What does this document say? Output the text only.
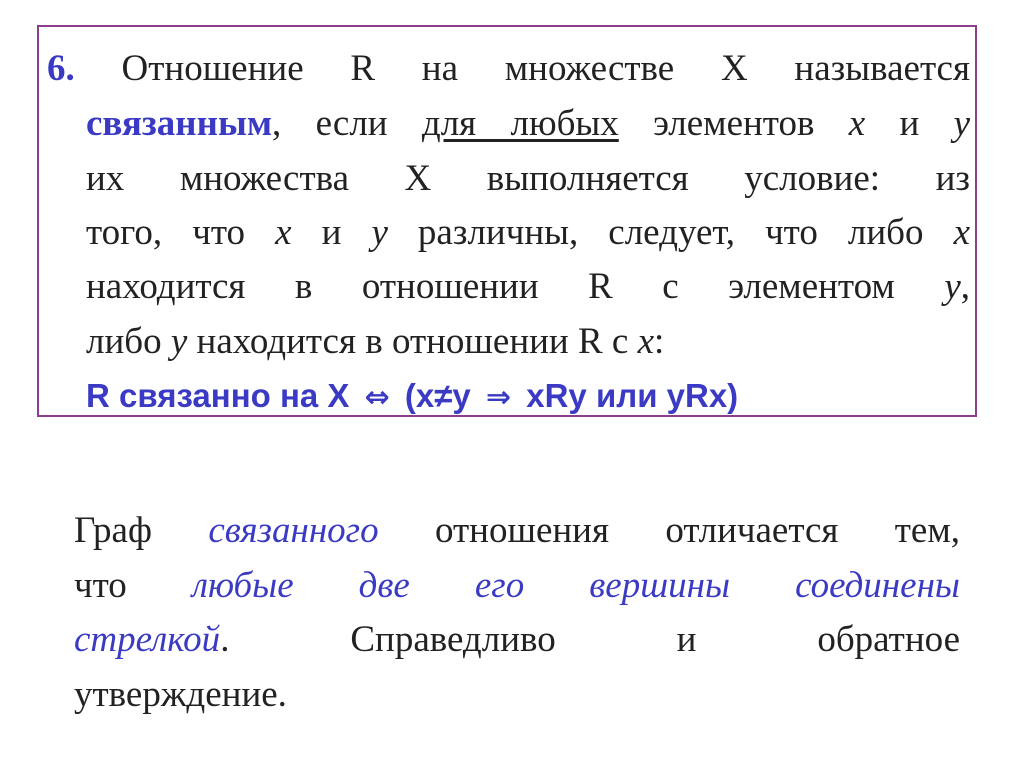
6. Отношение R на множестве X называется
связанным, если для любых элементов x и y
их множества X выполняется условие: из
того, что x и y различны, следует, что либо x
находится в отношении R с элементом y,
либо y находится в отношении R с x:
R связанно на X ⇔ (x≠y ⇒ xRy или yRx)
Граф связанного отношения отличается тем,
что любые две его вершины соединены
стрелкой. Справедливо и обратное
утверждение.
